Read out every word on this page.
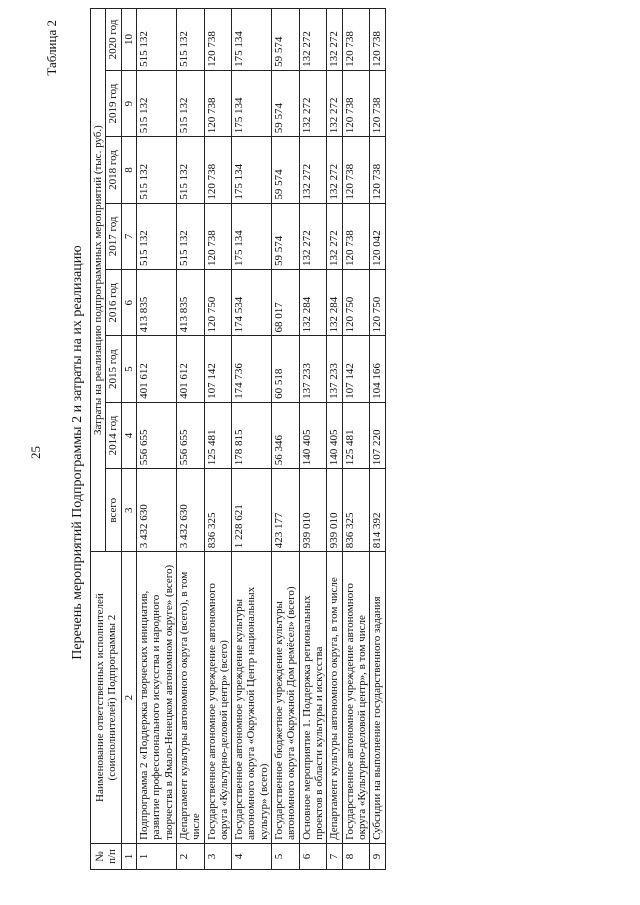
25
Таблица 2
Перечень мероприятий Подпрограммы 2 и затраты на их реализацию
№ п/п	Наименование ответственных исполнителей (соисполнителей) Подпрограммы 2	Затраты на реализацию подпрограммных мероприятий (тыс. руб.)							
		всего	2014 год	2015 год	2016 год	2017 год	2018 год	2019 год	2020 год
1	2	3	4	5	6	7	8	9	10
1	Подпрограмма 2 «Поддержка творческих инициатив, развитие профессионального искусства и народного творчества в Ямало-Ненецком автономном округе» (всего)	3 432 630	556 655	401 612	413 835	515 132	515 132	515 132	515 132
2	Департамент культуры автономного округа (всего), в том числе	3 432 630	556 655	401 612	413 835	515 132	515 132	515 132	515 132
3	Государственное автономное учреждение автономного округа «Культурно-деловой центр» (всего)	836 325	125 481	107 142	120 750	120 738	120 738	120 738	120 738
4	Государственное автономное учреждение культуры автономного округа «Окружной Центр национальных культур» (всего)	1 228 621	178 815	174 736	174 534	175 134	175 134	175 134	175 134
5	Государственное бюджетное учреждение культуры автономного округа «Окружной Дом ремёсел» (всего)	423 177	56 346	60 518	68 017	59 574	59 574	59 574	59 574
6	Основное мероприятие 1. Поддержка региональных проектов в области культуры и искусства	939 010	140 405	137 233	132 284	132 272	132 272	132 272	132 272
7	Департамент культуры автономного округа, в том числе	939 010	140 405	137 233	132 284	132 272	132 272	132 272	132 272
8	Государственное автономное учреждение автономного округа «Культурно-деловой центр», в том числе	836 325	125 481	107 142	120 750	120 738	120 738	120 738	120 738
9	Субсидии на выполнение государственного задания	814 392	107 220	104 166	120 750	120 042	120 738	120 738	120 738
